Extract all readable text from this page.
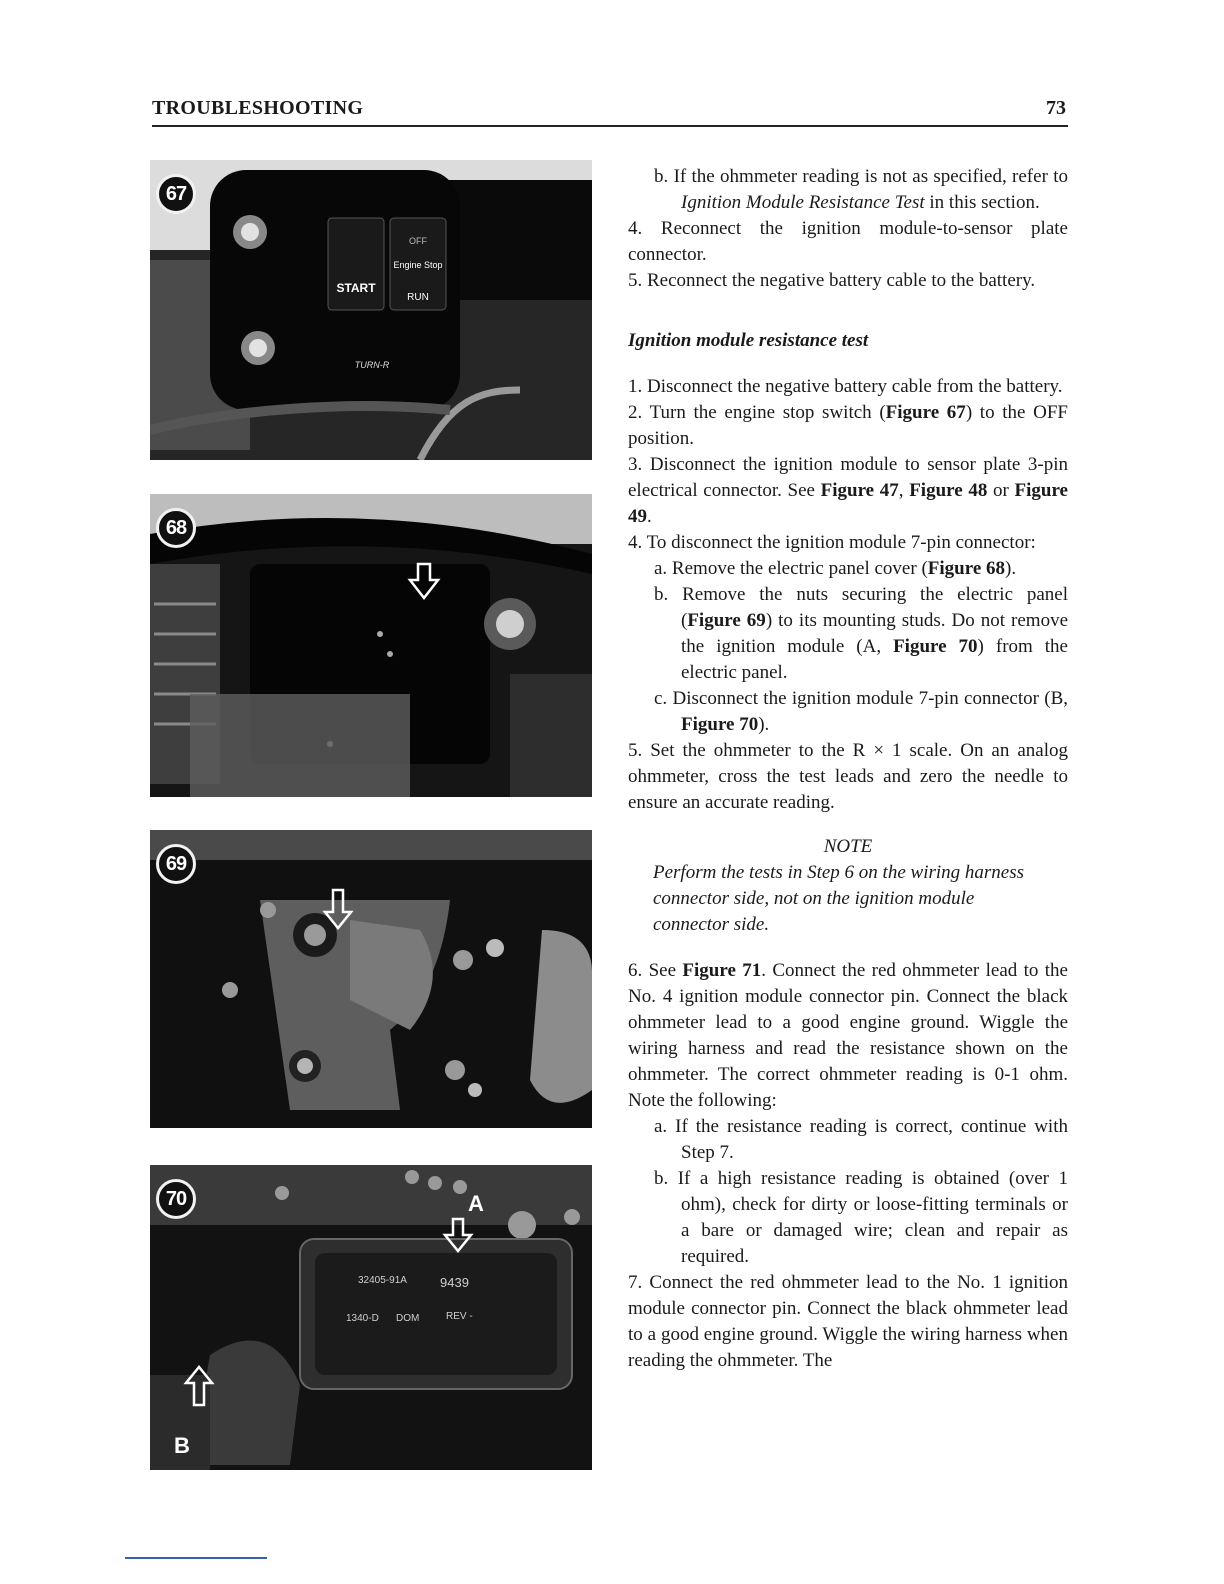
TROUBLESHOOTING	73
START
OFF
Engine Stop
RUN
TURN-R
67
68
69
32405-91A	9439
1340-D DOM	REV -
A
B
70

b. If the ohmmeter reading is not as specified, refer to Ignition Module Resistance Test in this section.

4. Reconnect the ignition module-to-sensor plate connector.

5. Reconnect the negative battery cable to the battery.

Ignition module resistance test

1. Disconnect the negative battery cable from the battery.

2. Turn the engine stop switch (Figure 67) to the OFF position.

3. Disconnect the ignition module to sensor plate 3-pin electrical connector. See Figure 47, Figure 48 or Figure 49.

4. To disconnect the ignition module 7-pin connector:

a. Remove the electric panel cover (Figure 68).

b. Remove the nuts securing the electric panel (Figure 69) to its mounting studs. Do not remove the ignition module (A, Figure 70) from the electric panel.

c. Disconnect the ignition module 7-pin connector (B, Figure 70).

5. Set the ohmmeter to the R × 1 scale. On an analog ohmmeter, cross the test leads and zero the needle to ensure an accurate reading.

NOTE

Perform the tests in Step 6 on the wiring harness connector side, not on the ignition module connector side.

6. See Figure 71. Connect the red ohmmeter lead to the No. 4 ignition module connector pin. Connect the black ohmmeter lead to a good engine ground. Wiggle the wiring harness and read the resistance shown on the ohmmeter. The correct ohmmeter reading is 0-1 ohm. Note the following:

a. If the resistance reading is correct, continue with Step 7.

b. If a high resistance reading is obtained (over 1 ohm), check for dirty or loose-fitting terminals or a bare or damaged wire; clean and repair as required.

7. Connect the red ohmmeter lead to the No. 1 ignition module connector pin. Connect the black ohmmeter lead to a good engine ground. Wiggle the wiring harness when reading the ohmmeter. The
